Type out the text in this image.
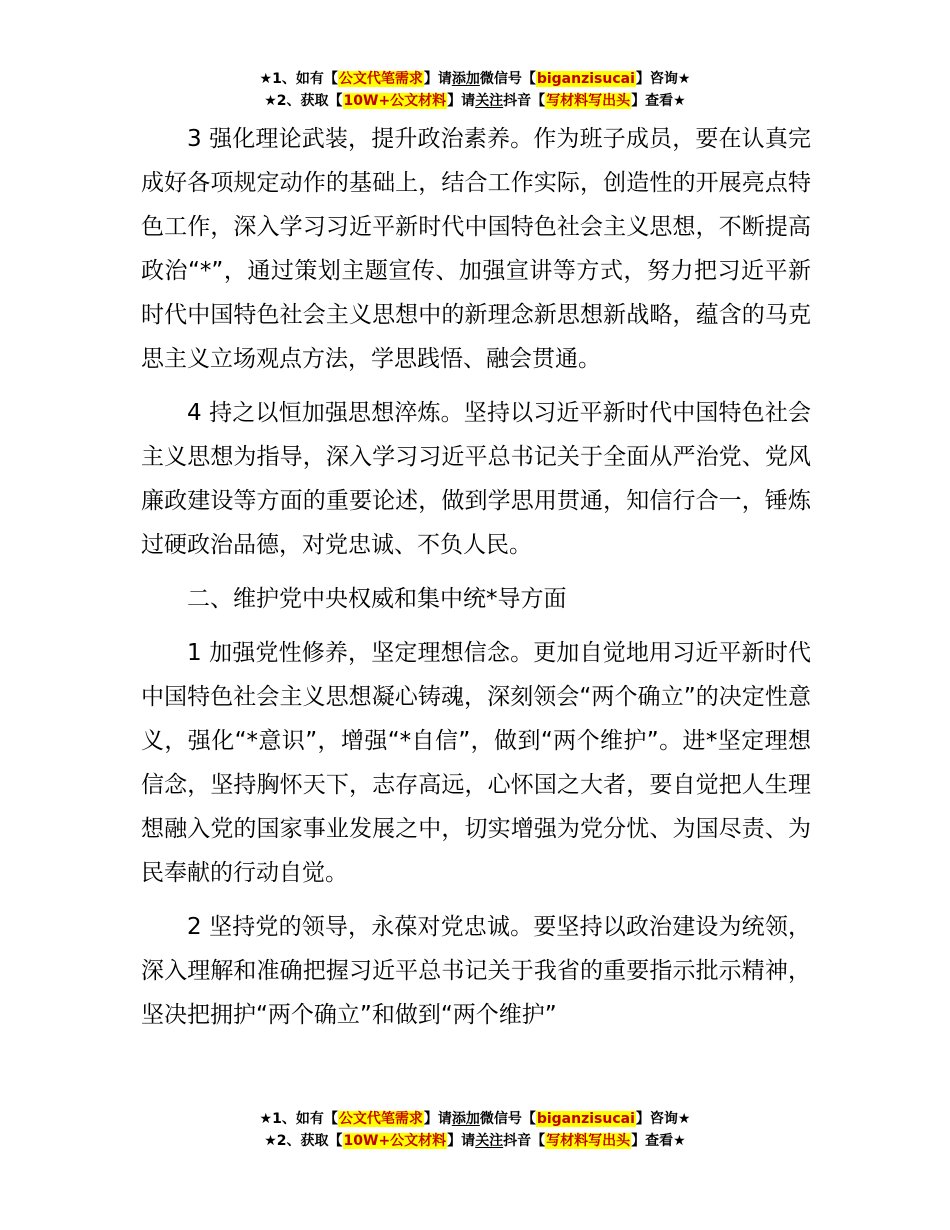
★1、如有【公文代笔需求】请添加微信号【biganzisucai】咨询★
★2、获取【10W+公文材料】请关注抖音【写材料写出头】查看★

3 强化理论武装，提升政治素养。作为班子成员，要在认真完成好各项规定动作的基础上，结合工作实际，创造性的开展亮点特色工作，深入学习习近平新时代中国特色社会主义思想，不断提高政治“*”，通过策划主题宣传、加强宣讲等方式，努力把习近平新时代中国特色社会主义思想中的新理念新思想新战略，蕴含的马克思主义立场观点方法，学思践悟、融会贯通。

4 持之以恒加强思想淬炼。坚持以习近平新时代中国特色社会主义思想为指导，深入学习习近平总书记关于全面从严治党、党风廉政建设等方面的重要论述，做到学思用贯通，知信行合一，锤炼过硬政治品德，对党忠诚、不负人民。

二、维护党中央权威和集中统*导方面

1 加强党性修养，坚定理想信念。更加自觉地用习近平新时代中国特色社会主义思想凝心铸魂，深刻领会“两个确立”的决定性意义，强化“*意识”，增强“*自信”，做到“两个维护”。进*坚定理想信念，坚持胸怀天下，志存高远，心怀国之大者，要自觉把人生理想融入党的国家事业发展之中，切实增强为党分忧、为国尽责、为民奉献的行动自觉。

2 坚持党的领导，永葆对党忠诚。要坚持以政治建设为统领，深入理解和准确把握习近平总书记关于我省的重要指示批示精神，坚决把拥护“两个确立”和做到“两个维护”

★1、如有【公文代笔需求】请添加微信号【biganzisucai】咨询★
★2、获取【10W+公文材料】请关注抖音【写材料写出头】查看★
